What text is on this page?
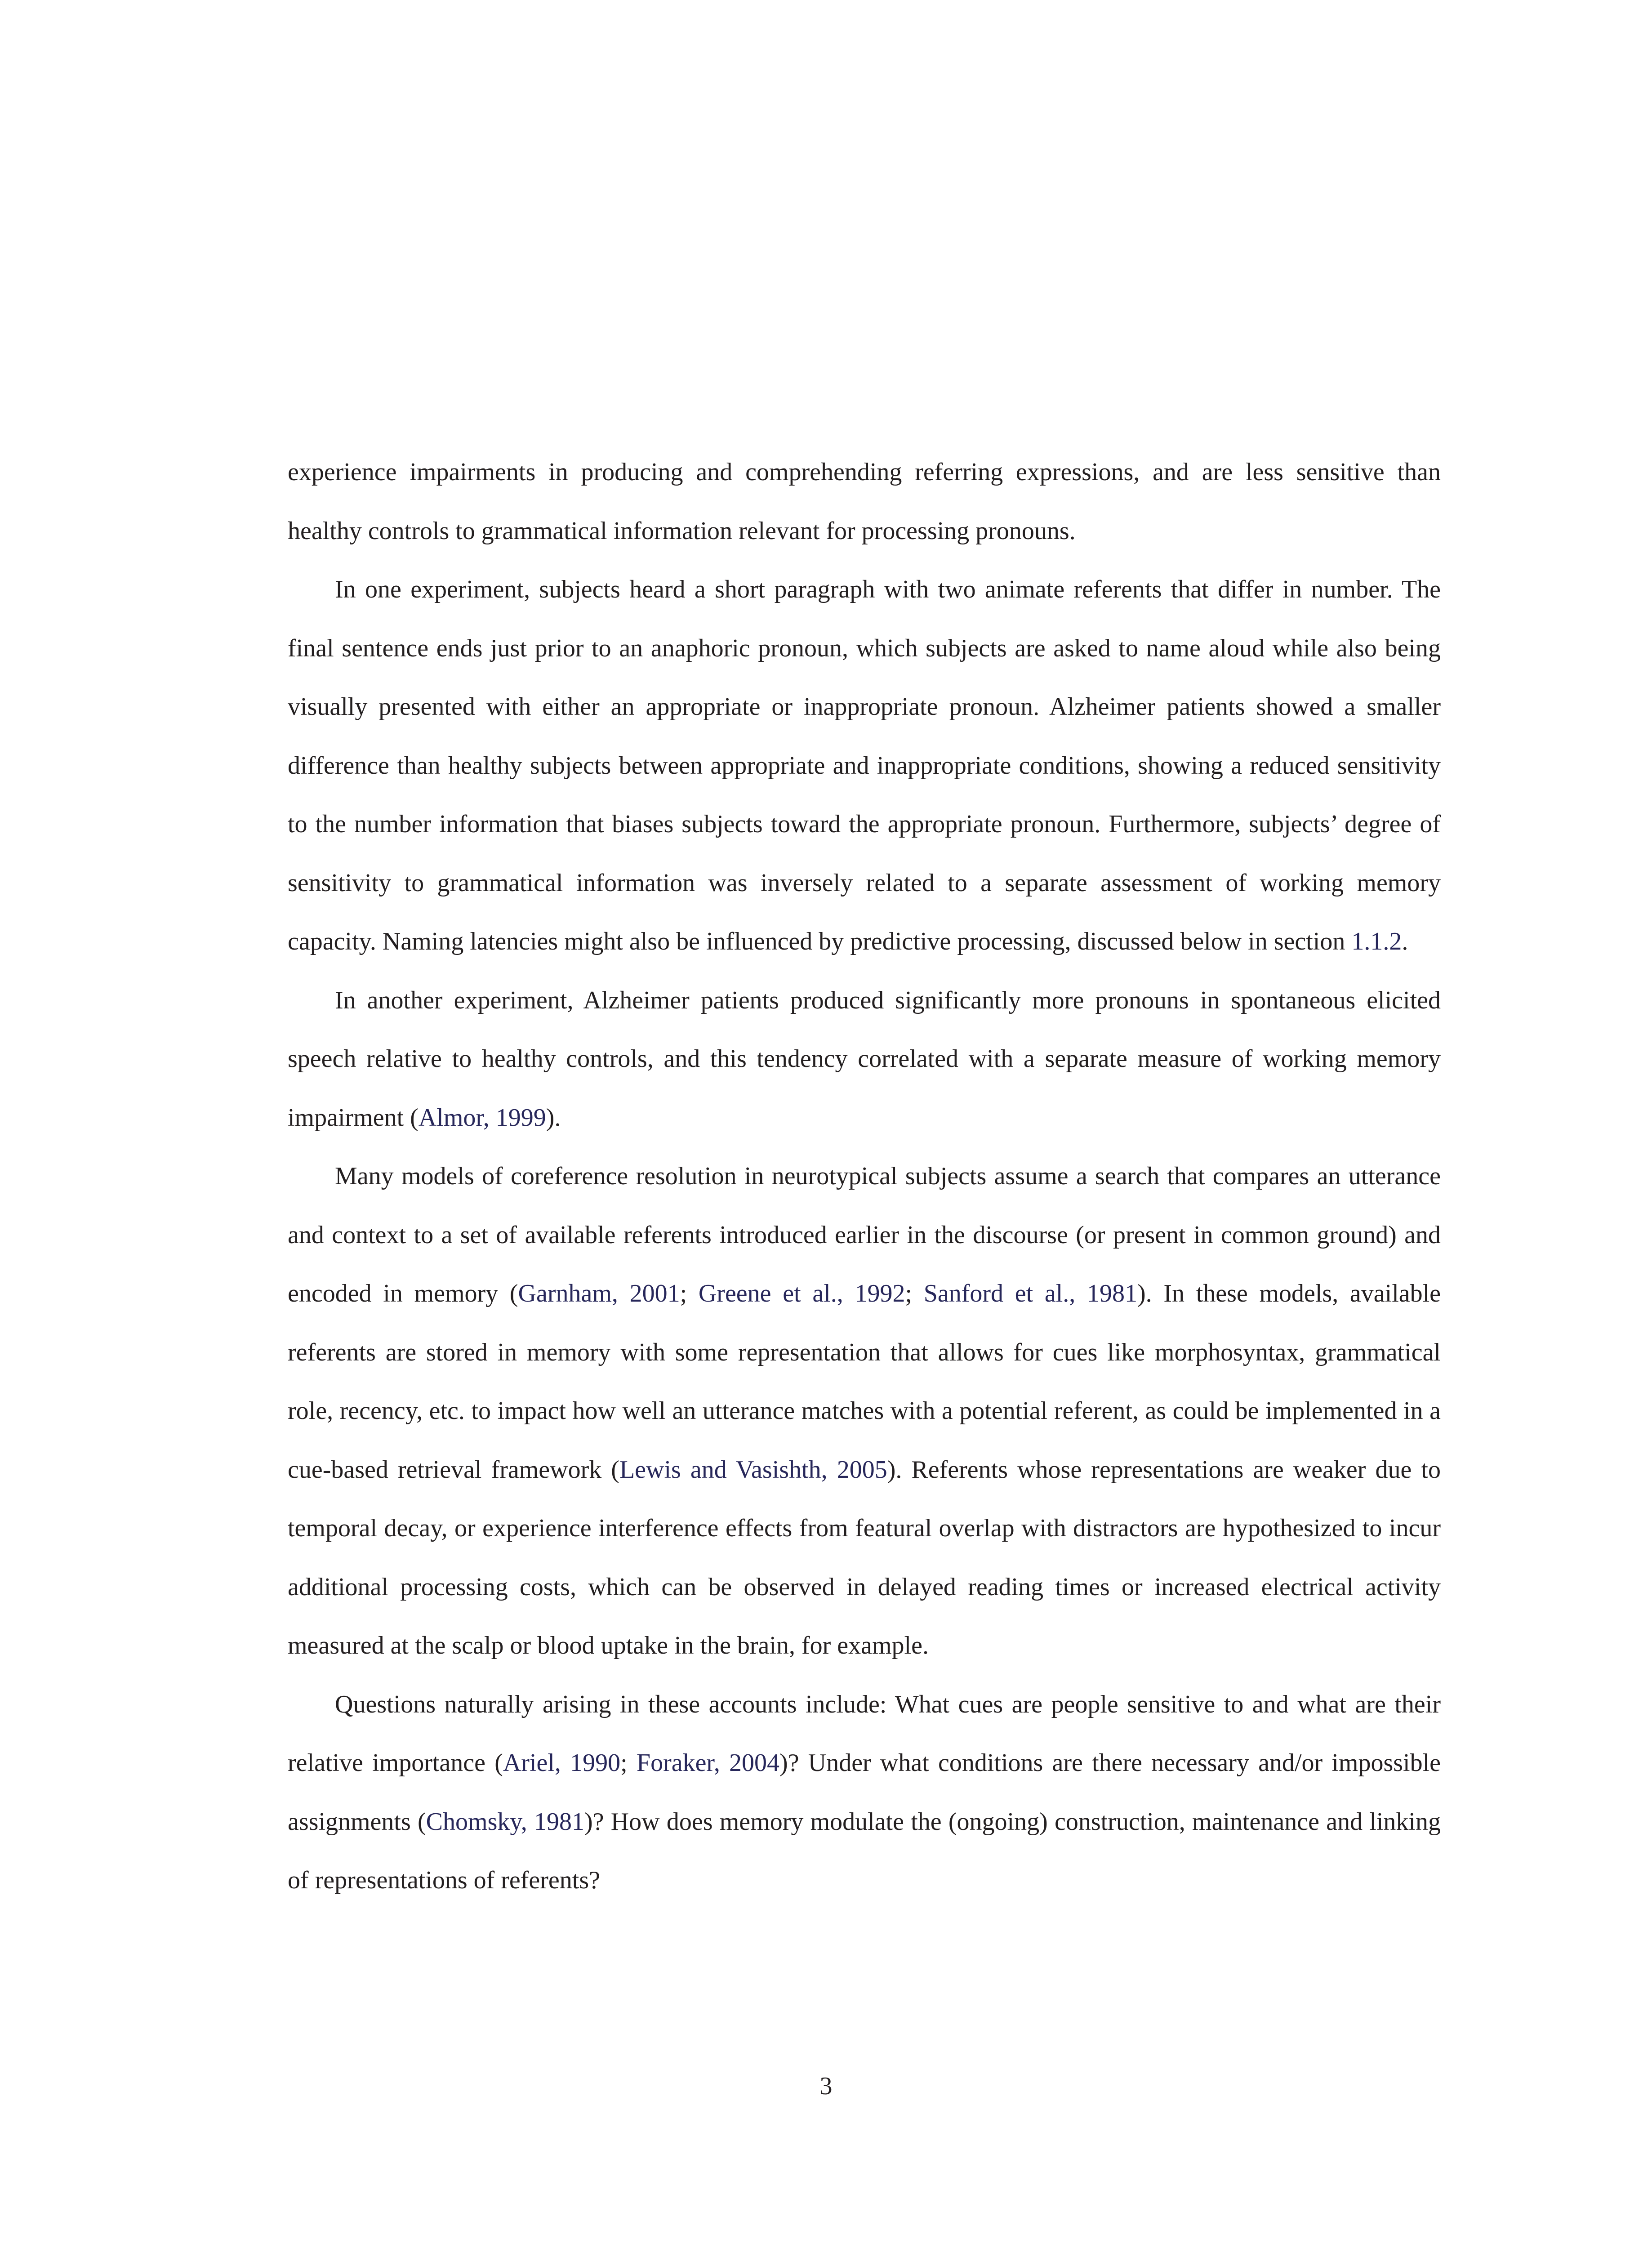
experience impairments in producing and comprehending referring expressions, and are less sensitive than healthy controls to grammatical information relevant for processing pronouns.

In one experiment, subjects heard a short paragraph with two animate referents that differ in number. The final sentence ends just prior to an anaphoric pronoun, which subjects are asked to name aloud while also being visually presented with either an appropriate or inappropriate pronoun. Alzheimer patients showed a smaller difference than healthy subjects between appropriate and inappropriate conditions, showing a reduced sensitivity to the number information that biases subjects toward the appropriate pronoun. Furthermore, subjects’ degree of sensitivity to grammatical information was inversely related to a separate assessment of working memory capacity. Naming latencies might also be influenced by predictive processing, discussed below in section 1.1.2.

In another experiment, Alzheimer patients produced significantly more pronouns in spontaneous elicited speech relative to healthy controls, and this tendency correlated with a separate measure of working memory impairment (Almor, 1999).

Many models of coreference resolution in neurotypical subjects assume a search that compares an utterance and context to a set of available referents introduced earlier in the discourse (or present in common ground) and encoded in memory (Garnham, 2001; Greene et al., 1992; Sanford et al., 1981). In these models, available referents are stored in memory with some representation that allows for cues like morphosyntax, grammatical role, recency, etc. to impact how well an utterance matches with a potential referent, as could be implemented in a cue-based retrieval framework (Lewis and Vasishth, 2005). Referents whose representations are weaker due to temporal decay, or experience interference effects from featural overlap with distractors are hypothesized to incur additional processing costs, which can be observed in delayed reading times or increased electrical activity measured at the scalp or blood uptake in the brain, for example.

Questions naturally arising in these accounts include: What cues are people sensitive to and what are their relative importance (Ariel, 1990; Foraker, 2004)? Under what conditions are there necessary and/or impossible assignments (Chomsky, 1981)? How does memory modulate the (ongoing) construction, maintenance and linking of representations of referents?

3
